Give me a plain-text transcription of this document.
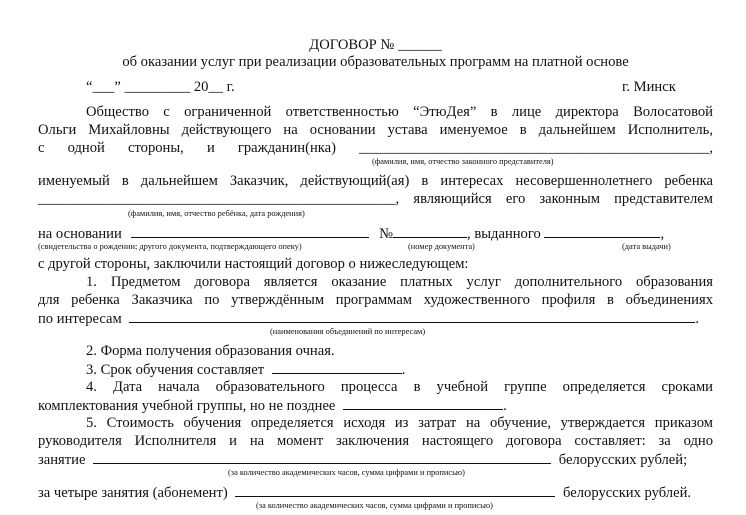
ДОГОВОР № ______
об оказании услуг при реализации образовательных программ на платной основе
“___” _________ 20__ г.	г. Минск
Общество с ограниченной ответственностью “ЭтюДея” в лице директора Волосатовой
Ольги Михайловны действующего на основании устава именуемое в дальнейшем Исполнитель,
с одной стороны, и гражданин(нка) ________________________________________________,
(фамилия, имя, отчество законного представителя)
именуемый в дальнейшем Заказчик, действующий(ая) в интересах несовершеннолетнего ребенка
_________________________________________________, являющийся его законным представителем
(фамилия, имя, отчество ребёнка, дата рождения)
на основании	№	, выданного	,
(свидетельства о рождении; другого документа, подтверждающего опеку)	(номер документа)	(дата выдачи)
с другой стороны, заключили настоящий договор о нижеследующем:
1. Предметом договора является оказание платных услуг дополнительного образования
для ребенка Заказчика по утверждённым программам художественного профиля в объединениях
по интересам	.
(наименования объединений по интересам)
2. Форма получения образования очная.
3. Срок обучения составляет	.
4. Дата начала образовательного процесса в учебной группе определяется сроками
комплектования учебной группы, но не позднее	.
5. Стоимость обучения определяется исходя из затрат на обучение, утверждается приказом
руководителя Исполнителя и на момент заключения настоящего договора составляет: за одно
занятие	белорусских рублей;
(за количество академических часов, сумма цифрами и прописью)
за четыре занятия (абонемент)	белорусских рублей.
(за количество академических часов, сумма цифрами и прописью)
